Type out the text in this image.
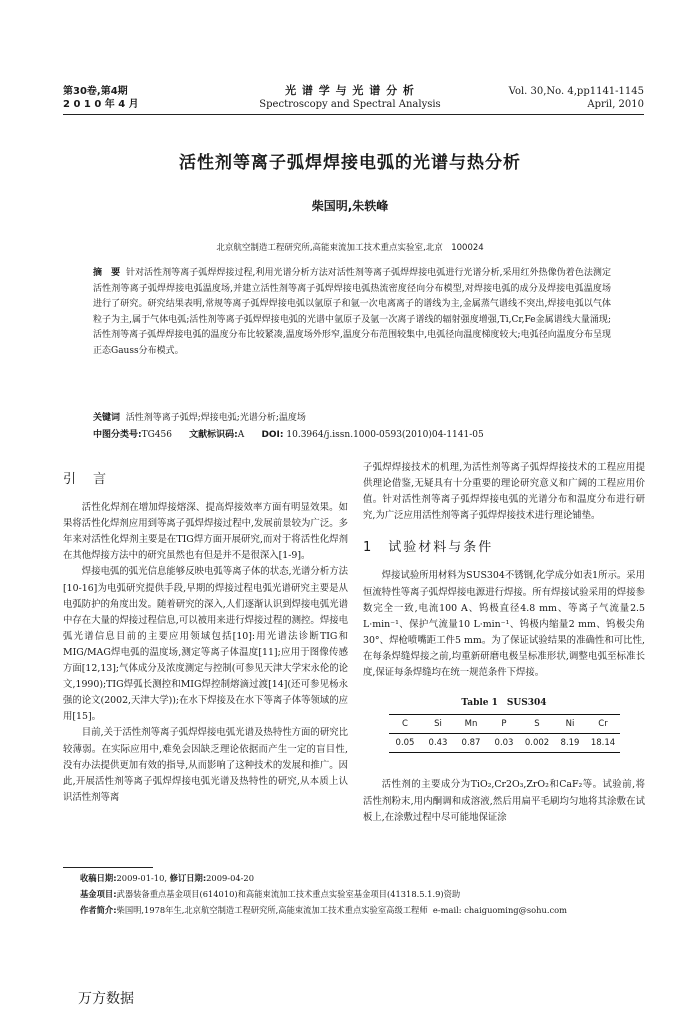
第30卷,第4期
2 0 1 0 年 4 月
光 谱 学 与 光 谱 分 析
Spectroscopy and Spectral Analysis
Vol. 30,No. 4,pp1141-1145
April, 2010
活性剂等离子弧焊焊接电弧的光谱与热分析
柴国明,朱轶峰
北京航空制造工程研究所,高能束流加工技术重点实验室,北京　100024
摘　要 针对活性剂等离子弧焊焊接过程,利用光谱分析方法对活性剂等离子弧焊焊接电弧进行光谱分析,采用红外热像伪着色法测定活性剂等离子弧焊焊接电弧温度场,并建立活性剂等离子弧焊焊接电弧热流密度径向分布模型,对焊接电弧的成分及焊接电弧温度场进行了研究。研究结果表明,常规等离子弧焊焊接电弧以氩原子和氩一次电离离子的谱线为主,金属蒸气谱线不突出,焊接电弧以气体粒子为主,属于气体电弧;活性剂等离子弧焊焊接电弧的光谱中氩原子及氩一次离子谱线的辐射强度增强,Ti,Cr,Fe金属谱线大量涌现;活性剂等离子弧焊焊接电弧的温度分布比较紧凑,温度场外形窄,温度分布范围较集中,电弧径向温度梯度较大;电弧径向温度分布呈现正态Gauss分布模式。
关键词 活性剂等离子弧焊;焊接电弧;光谱分析;温度场
中图分类号:TG456 文献标识码:A DOI: 10.3964/j.issn.1000-0593(2010)04-1141-05
引　言

活性化焊剂在增加焊接熔深、提高焊接效率方面有明显效果。如果将活性化焊剂应用到等离子弧焊焊接过程中,发展前景较为广泛。多年来对活性化焊剂主要是在TIG焊方面开展研究,而对于将活性化焊剂在其他焊接方法中的研究虽然也有但是并不是很深入[1-9]。

焊接电弧的弧光信息能够反映电弧等离子体的状态,光谱分析方法[10-16]为电弧研究提供手段,早期的焊接过程电弧光谱研究主要是从电弧防护的角度出发。随着研究的深入,人们逐渐认识到焊接电弧光谱中存在大量的焊接过程信息,可以被用来进行焊接过程的测控。焊接电弧光谱信息目前的主要应用领域包括[10]:用光谱法诊断TIG和MIG/MAG焊电弧的温度场,测定等离子体温度[11];应用于图像传感方面[12,13];气体成分及浓度测定与控制(可参见天津大学宋永伦的论文,1990);TIG焊弧长测控和MIG焊控制熔滴过渡[14](还可参见杨永强的论文(2002,天津大学));在水下焊接及在水下等离子体等领域的应用[15]。

目前,关于活性剂等离子弧焊焊接电弧光谱及热特性方面的研究比较薄弱。在实际应用中,难免会因缺乏理论依据而产生一定的盲目性,没有办法提供更加有效的指导,从而影响了这种技术的发展和推广。因此,开展活性剂等离子弧焊焊接电弧光谱及热特性的研究,从本质上认识活性剂等离

子弧焊焊接技术的机理,为活性剂等离子弧焊焊接技术的工程应用提供理论借鉴,无疑具有十分重要的理论研究意义和广阔的工程应用价值。针对活性剂等离子弧焊焊接电弧的光谱分布和温度分布进行研究,为广泛应用活性剂等离子弧焊焊接技术进行理论铺垫。

1　试验材料与条件

焊接试验所用材料为SUS304不锈钢,化学成分如表1所示。采用恒流特性等离子弧焊焊接电源进行焊接。所有焊接试验采用的焊接参数完全一致,电流100 A、钨极直径4.8 mm、等离子气流量2.5 L·min⁻¹、保护气流量10 L·min⁻¹、钨极内缩量2 mm、钨极尖角30°、焊枪喷嘴距工件5 mm。为了保证试验结果的准确性和可比性,在每条焊缝焊接之前,均重新研磨电极呈标准形状,调整电弧至标准长度,保证每条焊缝均在统一规范条件下焊接。

Table 1　SUS304
C	Si	Mn	P	S	Ni	Cr
0.05	0.43	0.87	0.03	0.002	8.19	18.14

活性剂的主要成分为TiO₂,Cr2O₃,ZrO₂和CaF₂等。试验前,将活性剂粉末,用内酮调和成溶液,然后用扁平毛刷均匀地将其涂敷在试板上,在涂敷过程中尽可能地保证涂

收稿日期:2009-01-10, 修订日期:2009-04-20
基金项目:武器装备重点基金项目(614010)和高能束流加工技术重点实验室基金项目(41318.5.1.9)资助
作者简介:柴国明,1978年生,北京航空制造工程研究所,高能束流加工技术重点实验室高级工程师 e-mail: chaiguoming@sohu.com
万方数据
